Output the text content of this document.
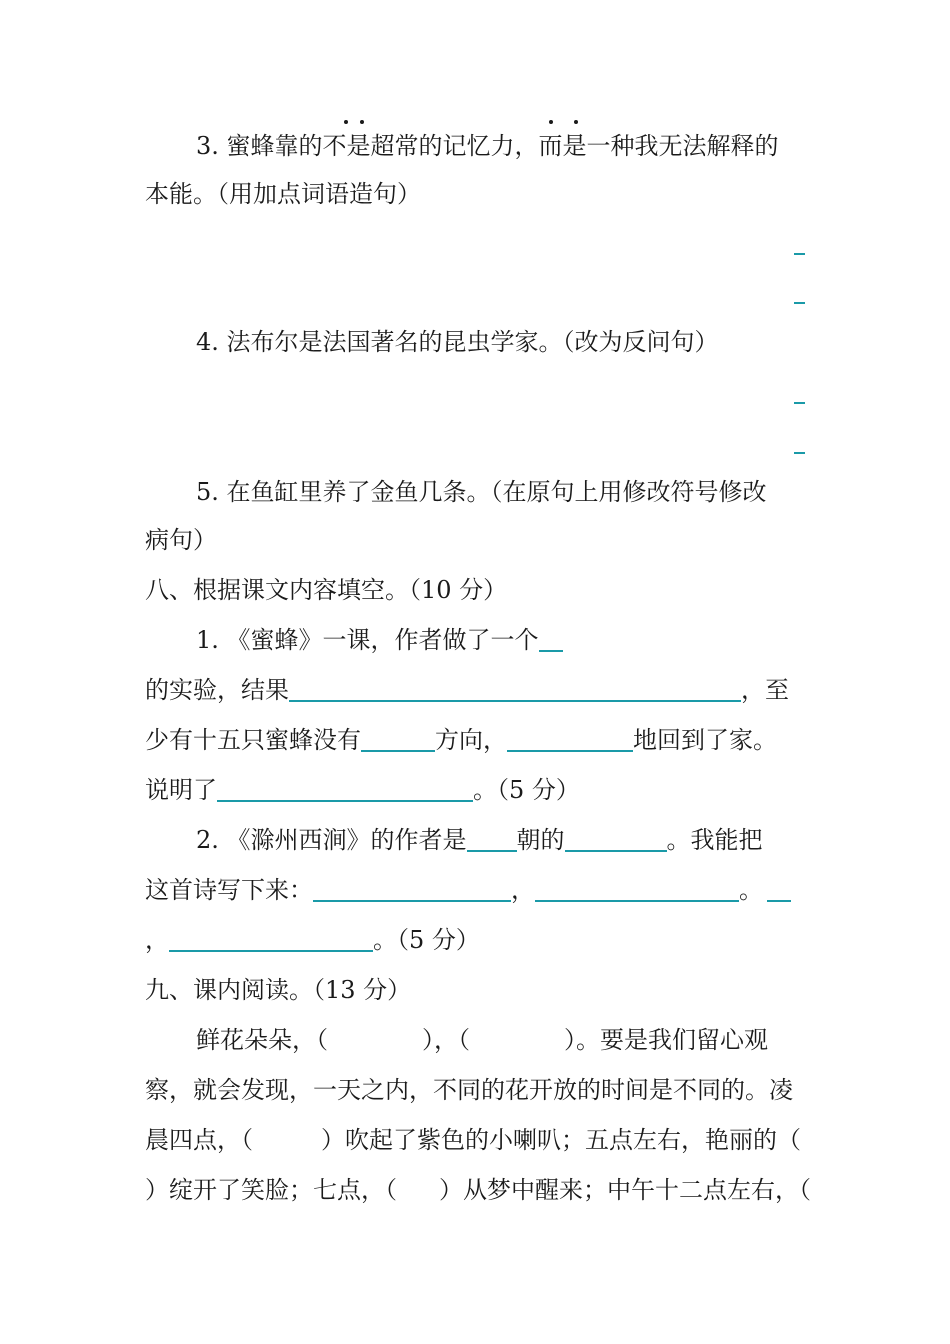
3. 蜜蜂靠的不是超常的记忆力，而是一种我无法解释的
本能。（用加点词语造句）
4. 法布尔是法国著名的昆虫学家。（改为反问句）
5. 在鱼缸里养了金鱼几条。（在原句上用修改符号修改
病句）
八、根据课文内容填空。（10 分）
1. 《蜜蜂》一课，作者做了一个
的实验，结果	，至
少有十五只蜜蜂没有	方向，	地回到了家。
说明了	。（5 分）
2. 《滁州西涧》的作者是 朝的	。我能把
这首诗写下来：	，	。
，	。（5 分）
九、课内阅读。（13 分）
鲜花朵朵，（	），（	）。要是我们留心观
察，就会发现，一天之内，不同的花开放的时间是不同的。凌
晨四点，（	）吹起了紫色的小喇叭；五点左右，艳丽的（
）绽开了笑脸；七点，（ ）从梦中醒来；中午十二点左右，（
